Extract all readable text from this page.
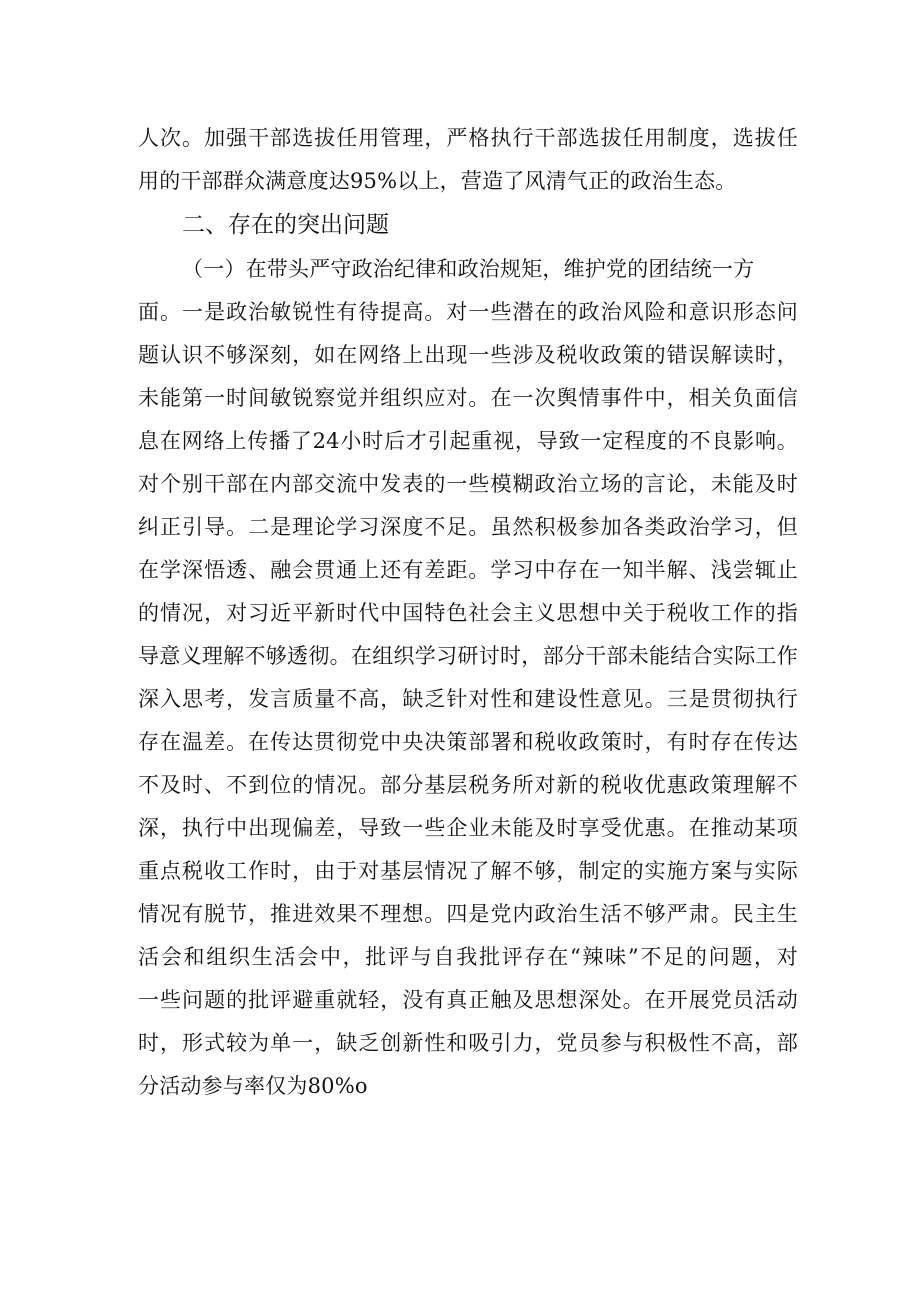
人次。加强干部选拔任用管理，严格执行干部选拔任用制度，选拔任
用的干部群众满意度达95%以上，营造了风清气正的政治生态。
二、存在的突出问题
（一）在带头严守政治纪律和政治规矩，维护党的团结统一方
面。一是政治敏锐性有待提高。对一些潜在的政治风险和意识形态问
题认识不够深刻，如在网络上出现一些涉及税收政策的错误解读时，
未能第一时间敏锐察觉并组织应对。在一次舆情事件中，相关负面信
息在网络上传播了24小时后才引起重视，导致一定程度的不良影响。
对个别干部在内部交流中发表的一些模糊政治立场的言论，未能及时
纠正引导。二是理论学习深度不足。虽然积极参加各类政治学习，但
在学深悟透、融会贯通上还有差距。学习中存在一知半解、浅尝辄止
的情况，对习近平新时代中国特色社会主义思想中关于税收工作的指
导意义理解不够透彻。在组织学习研讨时，部分干部未能结合实际工作
深入思考，发言质量不高，缺乏针对性和建设性意见。三是贯彻执行
存在温差。在传达贯彻党中央决策部署和税收政策时，有时存在传达
不及时、不到位的情况。部分基层税务所对新的税收优惠政策理解不
深，执行中出现偏差，导致一些企业未能及时享受优惠。在推动某项
重点税收工作时，由于对基层情况了解不够，制定的实施方案与实际
情况有脱节，推进效果不理想。四是党内政治生活不够严肃。民主生
活会和组织生活会中，批评与自我批评存在“辣味”不足的问题，对
一些问题的批评避重就轻，没有真正触及思想深处。在开展党员活动
时，形式较为单一，缺乏创新性和吸引力，党员参与积极性不高，部
分活动参与率仅为80%o
